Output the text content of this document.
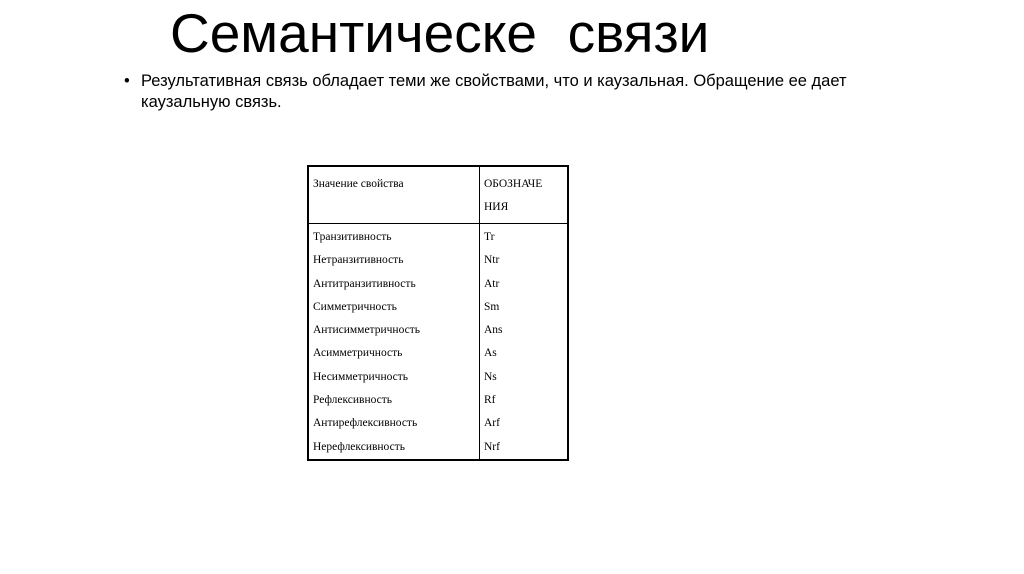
Семантическе  связи
• Результативная связь обладает теми же свойствами, что и каузальная. Обращение ее дает каузальную связь.
Значение свойства	ОБОЗНАЧЕ НИЯ
Транзитивность	Tr
Нетранзитивность	Ntr
Антитранзитивность	Atr
Симметричность	Sm
Антисимметричность	Ans
Асимметричность	As
Несимметричность	Ns
Рефлексивность	Rf
Антирефлексивность	Arf
Нерефлексивность	Nrf
